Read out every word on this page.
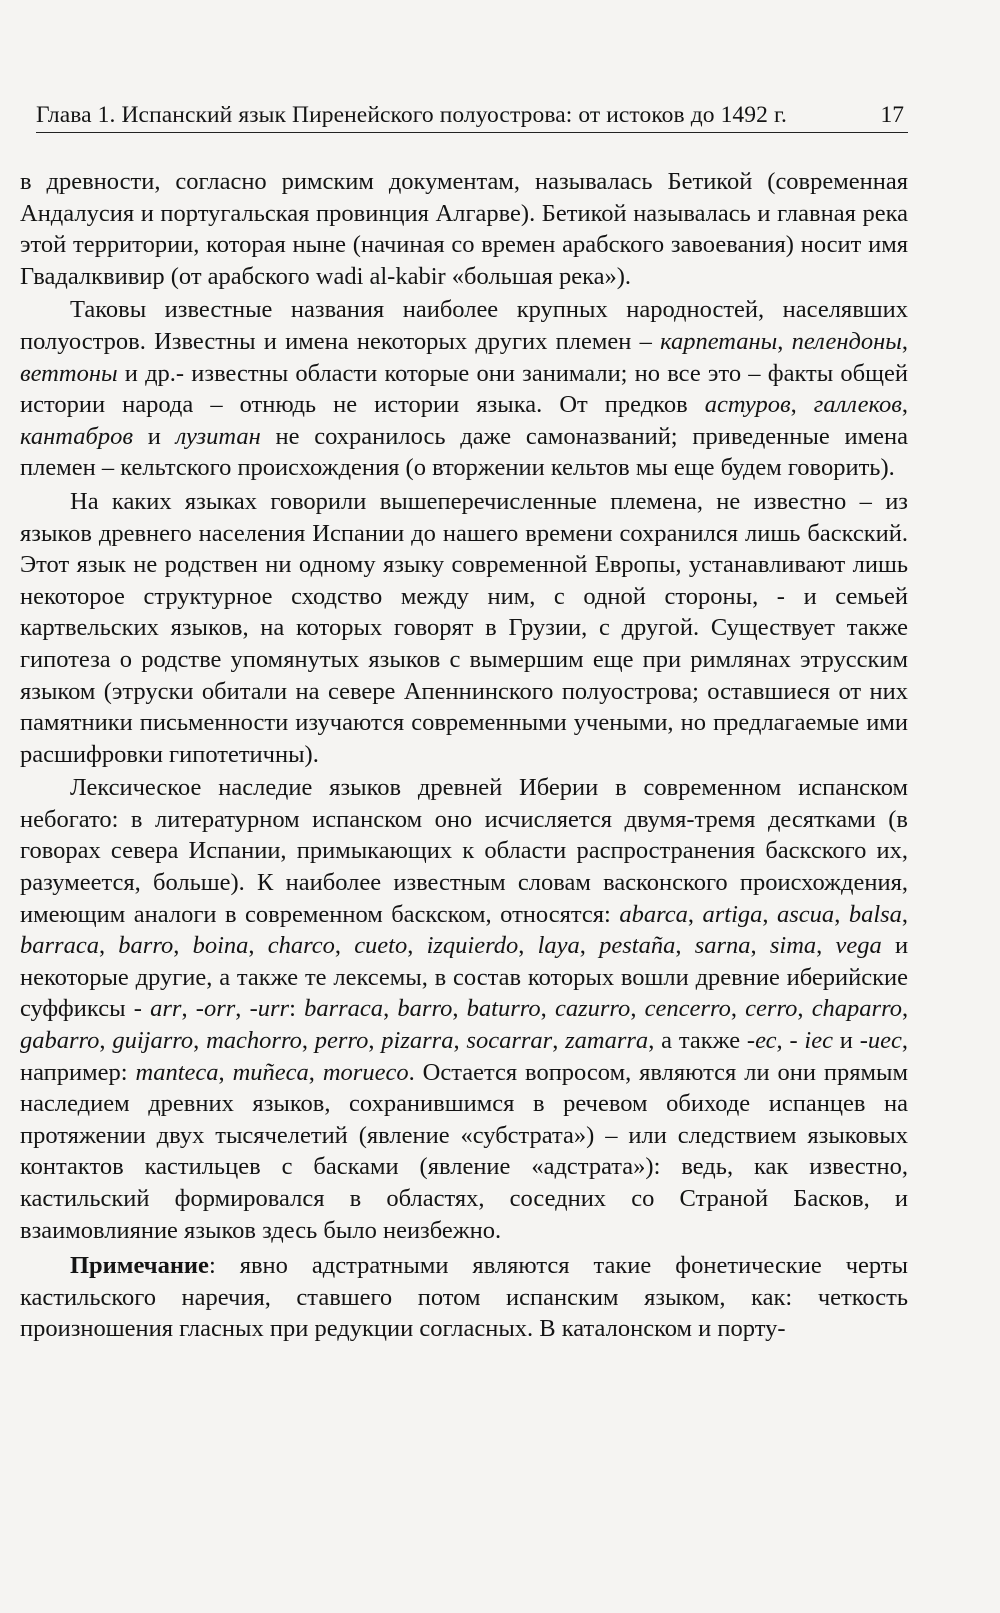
Глава 1. Испанский язык Пиренейского полуострова: от истоков до 1492 г.	17

в древности, согласно римским документам, называлась Бетикой (современная Андалусия и португальская провинция Алгарве). Бетикой называлась и главная река этой территории, которая ныне (начиная со времен арабского завоевания) носит имя Гвадалквивир (от арабского wadi al-kabir «большая река»).

Таковы известные названия наиболее крупных народностей, населявших полуостров. Известны и имена некоторых других племен – карпетаны, пелендоны, веттоны и др.- известны области которые они занимали; но все это – факты общей истории народа – отнюдь не истории языка. От предков астуров, галлеков, кантабров и лузитан не сохранилось даже самоназваний; приведенные имена племен – кельтского происхождения (о вторжении кельтов мы еще будем говорить).

На каких языках говорили вышеперечисленные племена, не известно – из языков древнего населения Испании до нашего времени сохранился лишь баскский. Этот язык не родствен ни одному языку современной Европы, устанавливают лишь некоторое структурное сходство между ним, с одной стороны, - и семьей картвельских языков, на которых говорят в Грузии, с другой. Существует также гипотеза о родстве упомянутых языков с вымершим еще при римлянах этрусским языком (этруски обитали на севере Апеннинского полуострова; оставшиеся от них памятники письменности изучаются современными учеными, но предлагаемые ими расшифровки гипотетичны).

Лексическое наследие языков древней Иберии в современном испанском небогато: в литературном испанском оно исчисляется двумя-тремя десятками (в говорах севера Испании, примыкающих к области распространения баскского их, разумеется, больше). К наиболее известным словам васконского происхождения, имеющим аналоги в современном баскском, относятся: abarca, artiga, ascua, balsa, barraca, barro, boina, charco, cueto, izquierdo, laya, pestaña, sarna, sima, vega и некоторые другие, а также те лексемы, в состав которых вошли древние иберийские суффиксы - arr, -orr, -urr: barraca, barro, baturro, cazurro, cencerro, cerro, chaparro, gabarro, guijarro, machorro, perro, pizarra, socarrar, zamarra, а также -ес, - iec и -uec, например: manteca, muñeca, morueco. Остается вопросом, являются ли они прямым наследием древних языков, сохранившимся в речевом обиходе испанцев на протяжении двух тысячелетий (явление «субстрата») – или следствием языковых контактов кастильцев с басками (явление «адстрата»): ведь, как известно, кастильский формировался в областях, соседних со Страной Басков, и взаимовлияние языков здесь было неизбежно.

Примечание: явно адстратными являются такие фонетические черты кастильского наречия, ставшего потом испанским языком, как: четкость произношения гласных при редукции согласных. В каталонском и порту-
